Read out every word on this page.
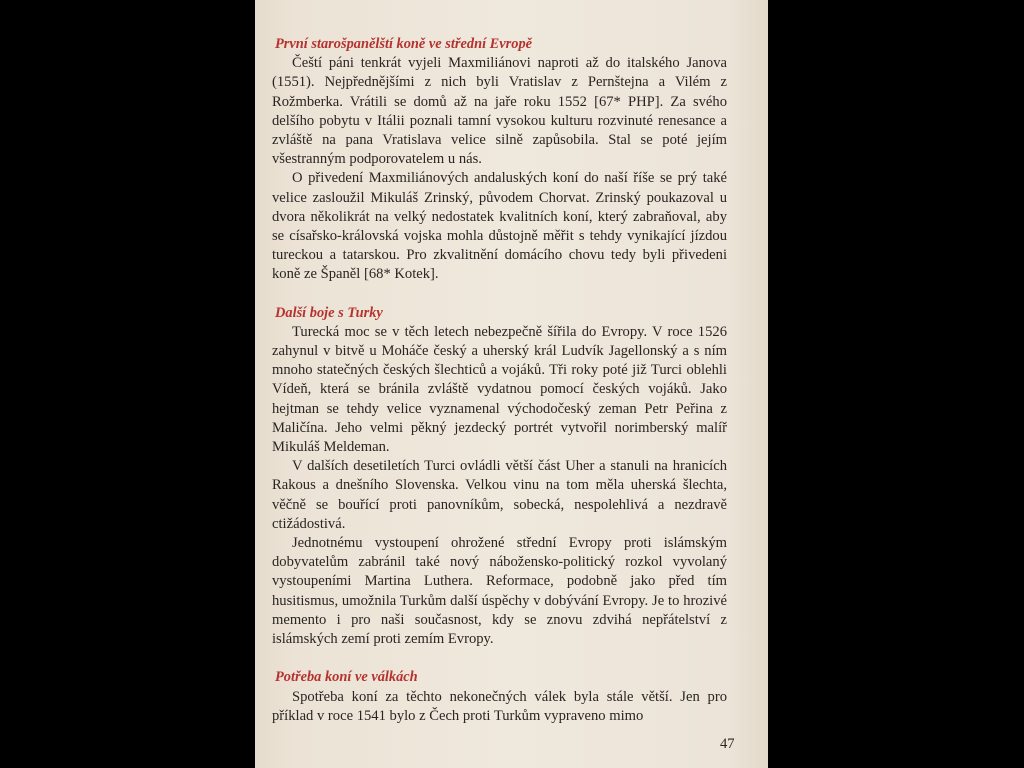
První starošpanělští koně ve střední Evropě

Čeští páni tenkrát vyjeli Maxmiliánovi naproti až do italského Janova (1551). Nejpřednějšími z nich byli Vratislav z Pernštejna a Vilém z Rožmberka. Vrátili se domů až na jaře roku 1552 [67* PHP]. Za svého delšího pobytu v Itálii poznali tamní vysokou kulturu rozvinuté renesance a zvláště na pana Vratislava velice silně zapůsobila. Stal se poté jejím všestranným podporovatelem u nás.

O přivedení Maxmiliánových andaluských koní do naší říše se prý také velice zasloužil Mikuláš Zrinský, původem Chorvat. Zrinský poukazoval u dvora několikrát na velký nedostatek kvalitních koní, který zabraňoval, aby se císařsko-královská vojska mohla důstojně měřit s tehdy vynikající jízdou tureckou a tatarskou. Pro zkvalitnění domácího chovu tedy byli přivedeni koně ze Španěl [68* Kotek].

Další boje s Turky

Turecká moc se v těch letech nebezpečně šířila do Evropy. V roce 1526 zahynul v bitvě u Moháče český a uherský král Ludvík Jagellonský a s ním mnoho statečných českých šlechticů a vojáků. Tři roky poté již Turci oblehli Vídeň, která se bránila zvláště vydatnou pomocí českých vojáků. Jako hejtman se tehdy velice vyznamenal východočeský zeman Petr Peřina z Maličína. Jeho velmi pěkný jezdecký portrét vytvořil norimberský malíř Mikuláš Meldeman.

V dalších desetiletích Turci ovládli větší část Uher a stanuli na hranicích Rakous a dnešního Slovenska. Velkou vinu na tom měla uherská šlechta, věčně se bouřící proti panovníkům, sobecká, nespolehlivá a nezdravě ctižádostivá.

Jednotnému vystoupení ohrožené střední Evropy proti islámským dobyvatelům zabránil také nový nábožensko-politický rozkol vyvolaný vystoupeními Martina Luthera. Reformace, podobně jako před tím husitismus, umožnila Turkům další úspěchy v dobývání Evropy. Je to hrozivé memento i pro naši současnost, kdy se znovu zdvihá nepřátelství z islámských zemí proti zemím Evropy.

Potřeba koní ve válkách

Spotřeba koní za těchto nekonečných válek byla stále větší. Jen pro příklad v roce 1541 bylo z Čech proti Turkům vypraveno mimo

47
